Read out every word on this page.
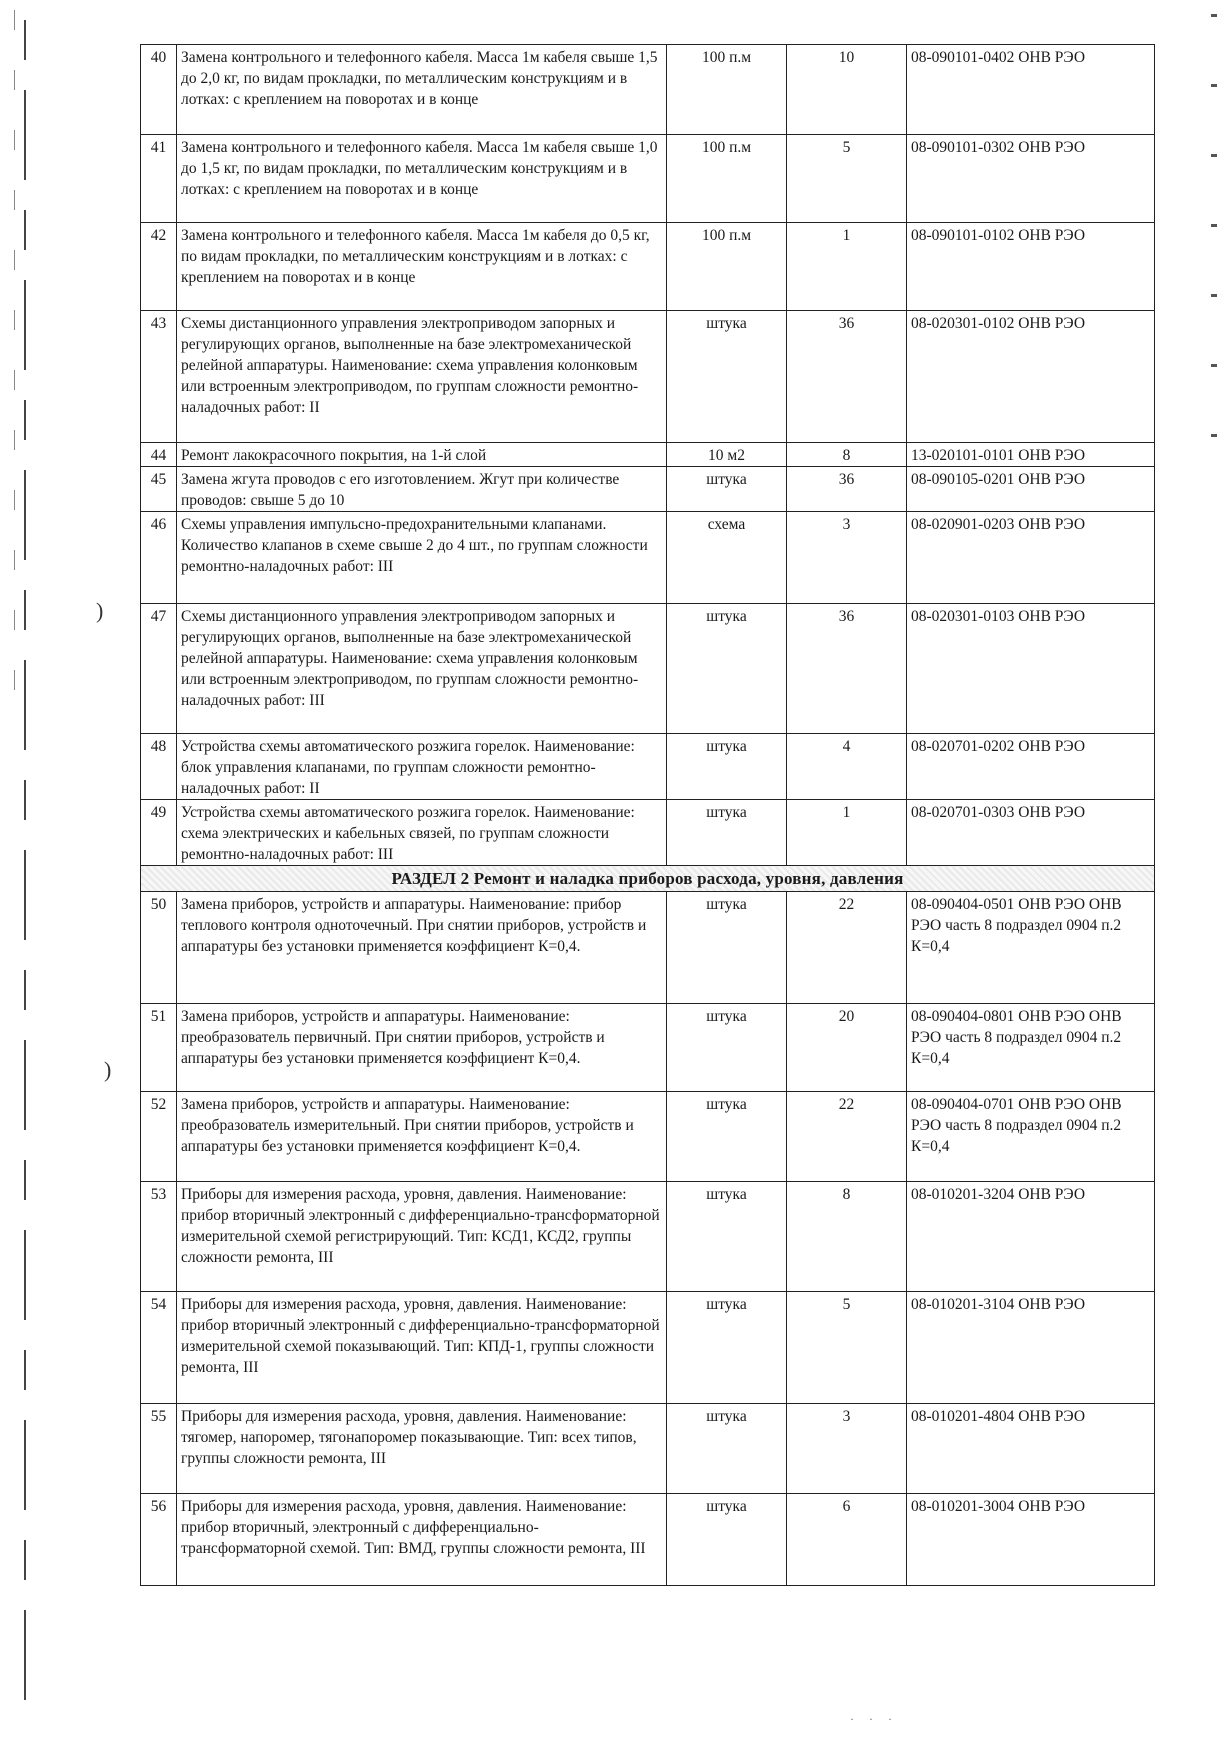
)
)
40	Замена контрольного и телефонного кабеля. Масса 1м кабеля свыше 1,5 до 2,0 кг, по видам прокладки, по металлическим конструкциям и в лотках: с креплением на поворотах и в конце	100 п.м	10	08-090101-0402 ОНВ РЭО
41	Замена контрольного и телефонного кабеля. Масса 1м кабеля свыше 1,0 до 1,5 кг, по видам прокладки, по металлическим конструкциям и в лотках: с креплением на поворотах и в конце	100 п.м	5	08-090101-0302 ОНВ РЭО
42	Замена контрольного и телефонного кабеля. Масса 1м кабеля до 0,5 кг, по видам прокладки, по металлическим конструкциям и в лотках: с креплением на поворотах и в конце	100 п.м	1	08-090101-0102 ОНВ РЭО
43	Схемы дистанционного управления электроприводом запорных и регулирующих органов, выполненные на базе электромеханической релейной аппаратуры. Наименование: схема управления колонковым или встроенным электроприводом, по группам сложности ремонтно-наладочных работ: II	штука	36	08-020301-0102 ОНВ РЭО
44	Ремонт лакокрасочного покрытия, на 1-й слой	10 м2	8	13-020101-0101 ОНВ РЭО
45	Замена жгута проводов с его изготовлением. Жгут при количестве проводов: свыше 5 до 10	штука	36	08-090105-0201 ОНВ РЭО
46	Схемы управления импульсно-предохранительными клапанами. Количество клапанов в схеме свыше 2 до 4 шт., по группам сложности ремонтно-наладочных работ: III	схема	3	08-020901-0203 ОНВ РЭО
47	Схемы дистанционного управления электроприводом запорных и регулирующих органов, выполненные на базе электромеханической релейной аппаратуры. Наименование: схема управления колонковым или встроенным электроприводом, по группам сложности ремонтно-наладочных работ: III	штука	36	08-020301-0103 ОНВ РЭО
48	Устройства схемы автоматического розжига горелок. Наименование: блок управления клапанами, по группам сложности ремонтно-наладочных работ: II	штука	4	08-020701-0202 ОНВ РЭО
49	Устройства схемы автоматического розжига горелок. Наименование: схема электрических и кабельных связей, по группам сложности ремонтно-наладочных работ: III	штука	1	08-020701-0303 ОНВ РЭО
РАЗДЕЛ 2 Ремонт и наладка приборов расхода, уровня, давления				
50	Замена приборов, устройств и аппаратуры. Наименование: прибор теплового контроля одноточечный. При снятии приборов, устройств и аппаратуры без установки применяется коэффициент К=0,4.	штука	22	08-090404-0501 ОНВ РЭО ОНВ РЭО часть 8 подраздел 0904 п.2 К=0,4
51	Замена приборов, устройств и аппаратуры. Наименование: преобразователь первичный. При снятии приборов, устройств и аппаратуры без установки применяется коэффициент К=0,4.	штука	20	08-090404-0801 ОНВ РЭО ОНВ РЭО часть 8 подраздел 0904 п.2 К=0,4
52	Замена приборов, устройств и аппаратуры. Наименование: преобразователь измерительный. При снятии приборов, устройств и аппаратуры без установки применяется коэффициент К=0,4.	штука	22	08-090404-0701 ОНВ РЭО ОНВ РЭО часть 8 подраздел 0904 п.2 К=0,4
53	Приборы для измерения расхода, уровня, давления. Наименование: прибор вторичный электронный с дифференциально-трансформаторной измерительной схемой регистрирующий. Тип: КСД1, КСД2, группы сложности ремонта, III	штука	8	08-010201-3204 ОНВ РЭО
54	Приборы для измерения расхода, уровня, давления. Наименование: прибор вторичный электронный с дифференциально-трансформаторной измерительной схемой показывающий. Тип: КПД-1, группы сложности ремонта, III	штука	5	08-010201-3104 ОНВ РЭО
55	Приборы для измерения расхода, уровня, давления. Наименование: тягомер, напоромер, тягонапоромер показывающие. Тип: всех типов, группы сложности ремонта, III	штука	3	08-010201-4804 ОНВ РЭО
56	Приборы для измерения расхода, уровня, давления. Наименование: прибор вторичный, электронный с дифференциально-трансформаторной схемой. Тип: ВМД, группы сложности ремонта, III	штука	6	08-010201-3004 ОНВ РЭО
· · ·
